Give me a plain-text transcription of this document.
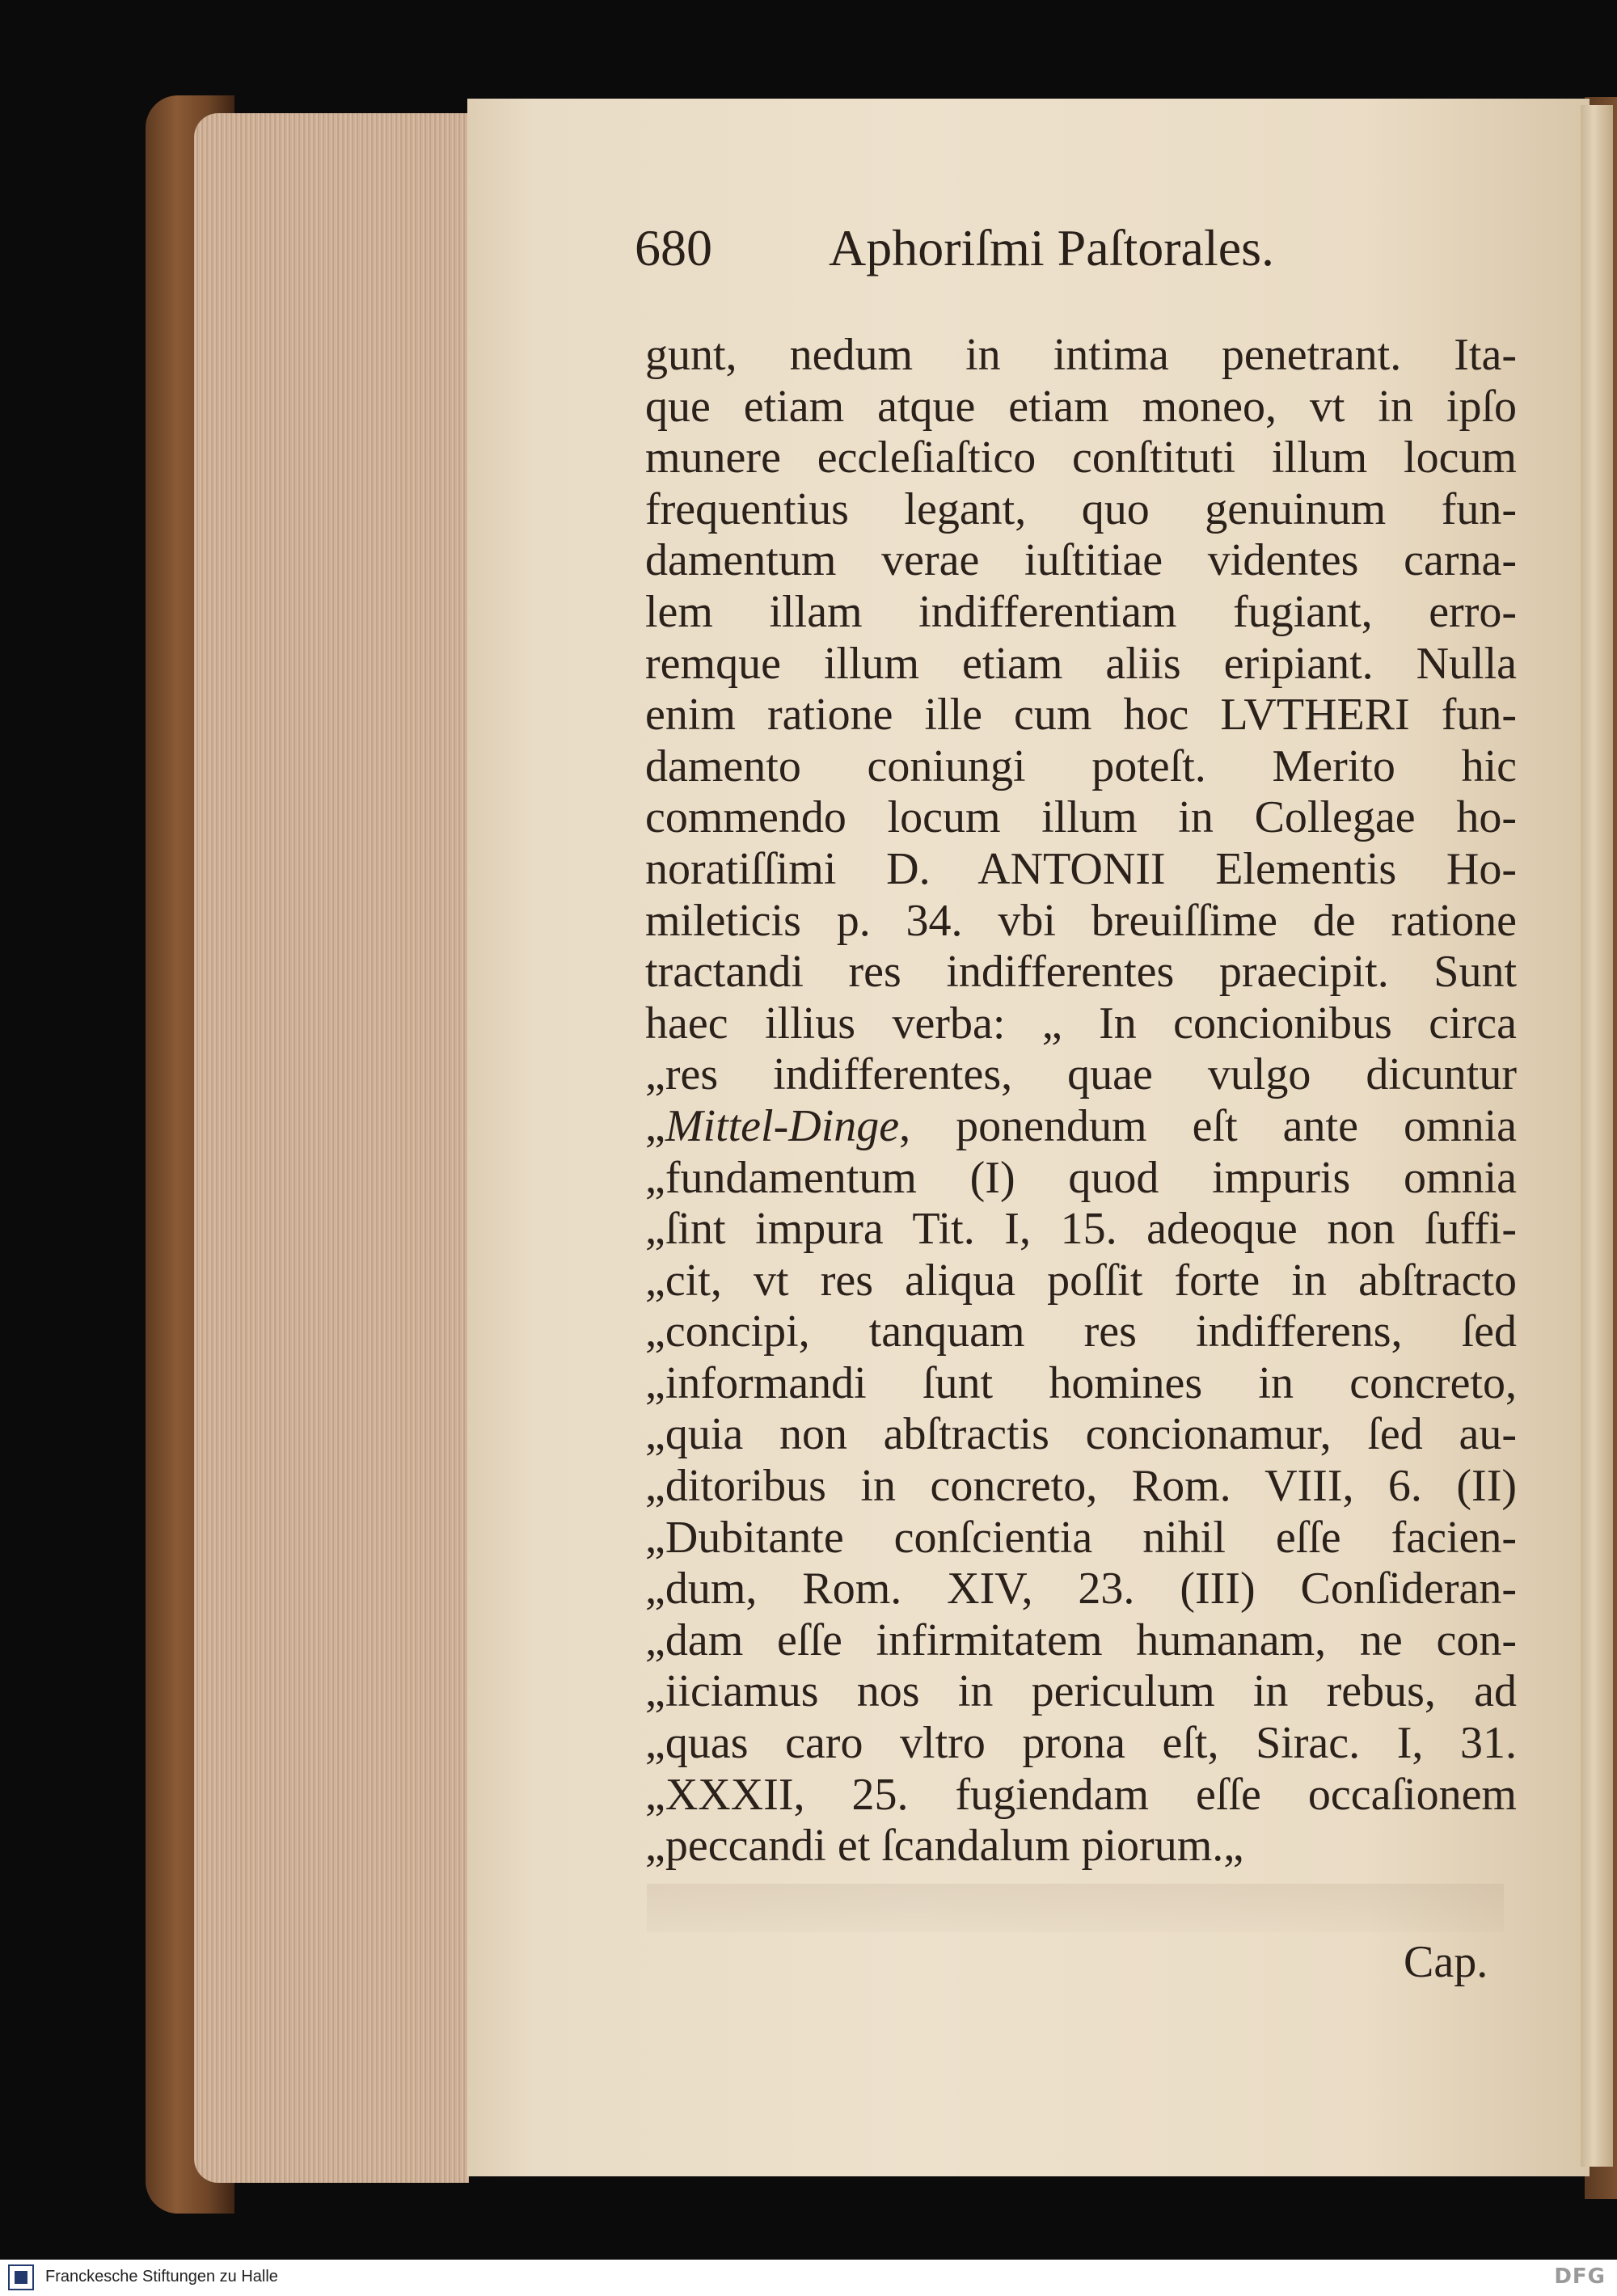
680 Aphoriſmi Paſtorales.
gunt, nedum in intima penetrant. Ita-
que etiam atque etiam moneo, vt in ipſo
munere eccleſiaſtico conſtituti illum locum
frequentius legant, quo genuinum fun-
damentum verae iuſtitiae videntes carna-
lem illam indifferentiam fugiant, erro-
remque illum etiam aliis eripiant. Nulla
enim ratione ille cum hoc LVTHERI fun-
damento coniungi poteſt. Merito hic
commendo locum illum in Collegae ho-
noratiſſimi D. ANTONII Elementis Ho-
mileticis p. 34. vbi breuiſſime de ratione
tractandi res indifferentes praecipit. Sunt
haec illius verba: „ In concionibus circa
„res indifferentes, quae vulgo dicuntur
„Mittel-Dinge, ponendum eſt ante omnia
„fundamentum (I) quod impuris omnia
„ſint impura Tit. I, 15. adeoque non ſuffi-
„cit, vt res aliqua poſſit forte in abſtracto
„concipi, tanquam res indifferens, ſed
„informandi ſunt homines in concreto,
„quia non abſtractis concionamur, ſed au-
„ditoribus in concreto, Rom. VIII, 6. (II)
„Dubitante conſcientia nihil eſſe facien-
„dum, Rom. XIV, 23. (III) Conſideran-
„dam eſſe infirmitatem humanam, ne con-
„iiciamus nos in periculum in rebus, ad
„quas caro vltro prona eſt, Sirac. I, 31.
„XXXII, 25. fugiendam eſſe occaſionem
„peccandi et ſcandalum piorum.„
Cap.
Franckesche Stiftungen zu Halle	DFG
